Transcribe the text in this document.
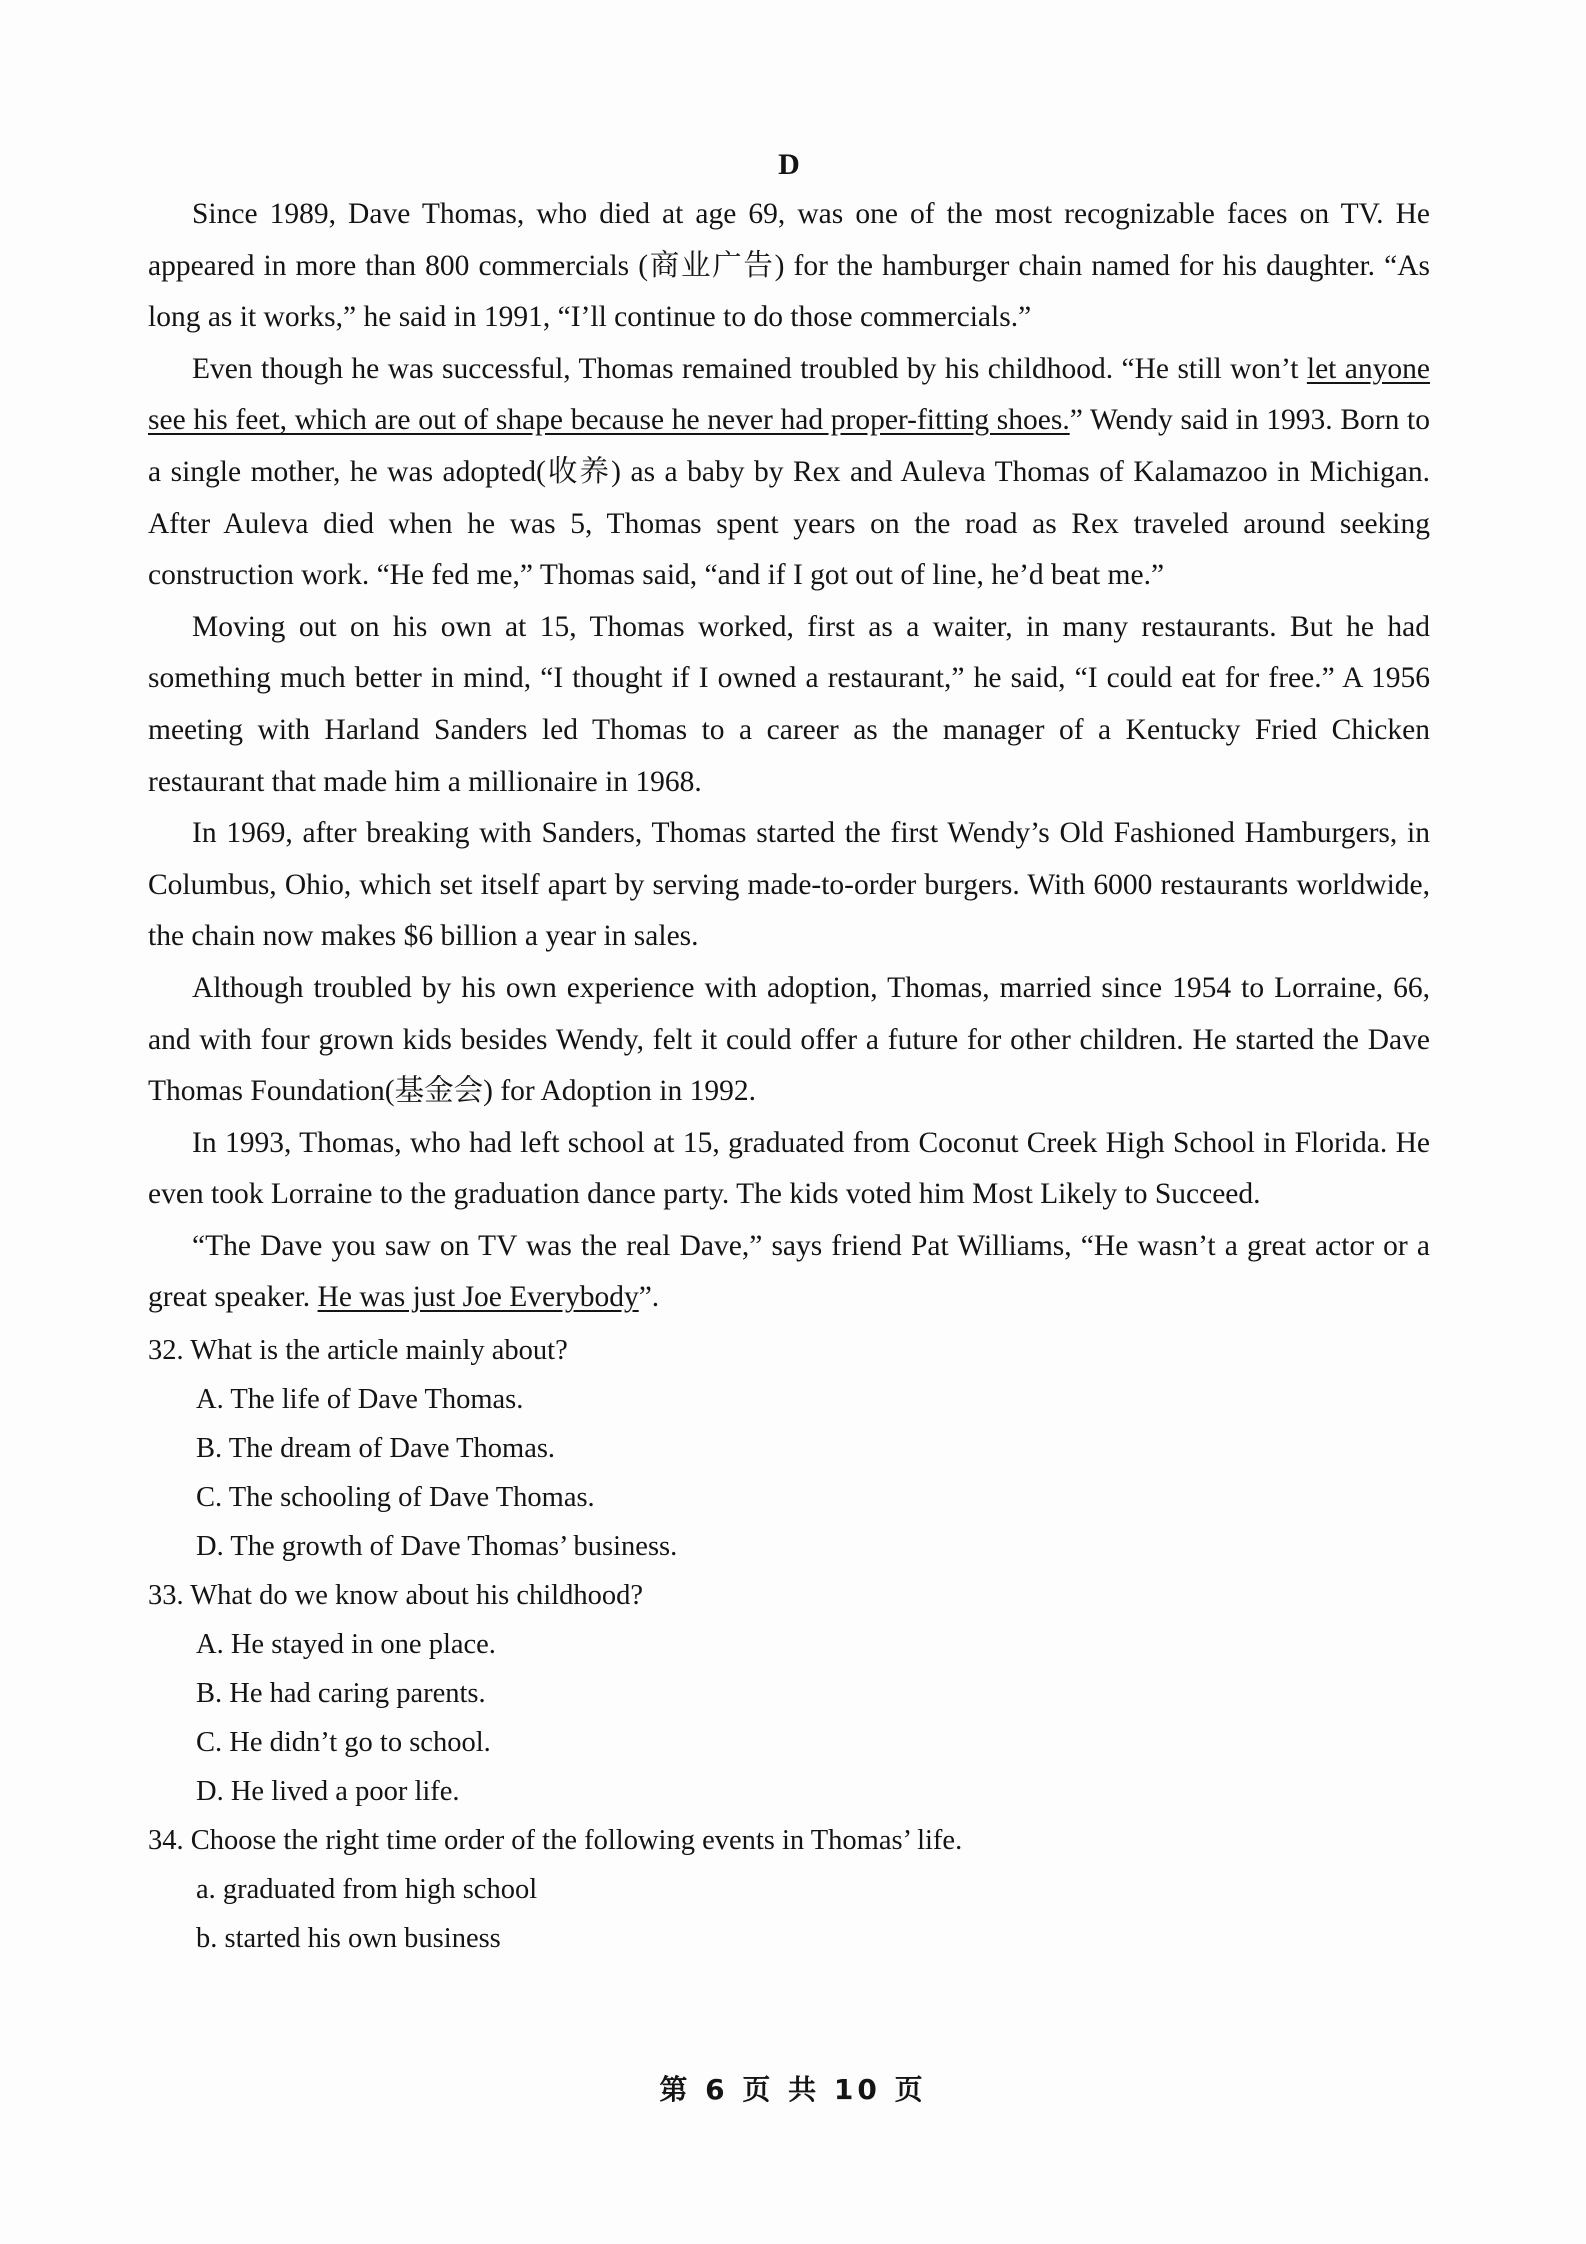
D

Since 1989, Dave Thomas, who died at age 69, was one of the most recognizable faces on TV. He appeared in more than 800 commercials (商业广告) for the hamburger chain named for his daughter. “As long as it works,” he said in 1991, “I’ll continue to do those commercials.”

Even though he was successful, Thomas remained troubled by his childhood. “He still won’t let anyone see his feet, which are out of shape because he never had proper-fitting shoes.” Wendy said in 1993. Born to a single mother, he was adopted(收养) as a baby by Rex and Auleva Thomas of Kalamazoo in Michigan. After Auleva died when he was 5, Thomas spent years on the road as Rex traveled around seeking construction work. “He fed me,” Thomas said, “and if I got out of line, he’d beat me.”

Moving out on his own at 15, Thomas worked, first as a waiter, in many restaurants. But he had something much better in mind, “I thought if I owned a restaurant,” he said, “I could eat for free.” A 1956 meeting with Harland Sanders led Thomas to a career as the manager of a Kentucky Fried Chicken restaurant that made him a millionaire in 1968.

In 1969, after breaking with Sanders, Thomas started the first Wendy’s Old Fashioned Hamburgers, in Columbus, Ohio, which set itself apart by serving made-to-order burgers. With 6000 restaurants worldwide, the chain now makes $6 billion a year in sales.

Although troubled by his own experience with adoption, Thomas, married since 1954 to Lorraine, 66, and with four grown kids besides Wendy, felt it could offer a future for other children. He started the Dave Thomas Foundation(基金会) for Adoption in 1992.

In 1993, Thomas, who had left school at 15, graduated from Coconut Creek High School in Florida. He even took Lorraine to the graduation dance party. The kids voted him Most Likely to Succeed.

“The Dave you saw on TV was the real Dave,” says friend Pat Williams, “He wasn’t a great actor or a great speaker. He was just Joe Everybody”.

32. What is the article mainly about?

A. The life of Dave Thomas.

B. The dream of Dave Thomas.

C. The schooling of Dave Thomas.

D. The growth of Dave Thomas’ business.

33. What do we know about his childhood?

A. He stayed in one place.

B. He had caring parents.

C. He didn’t go to school.

D. He lived a poor life.

34. Choose the right time order of the following events in Thomas’ life.

a. graduated from high school

b. started his own business

第 6 页 共 10 页
